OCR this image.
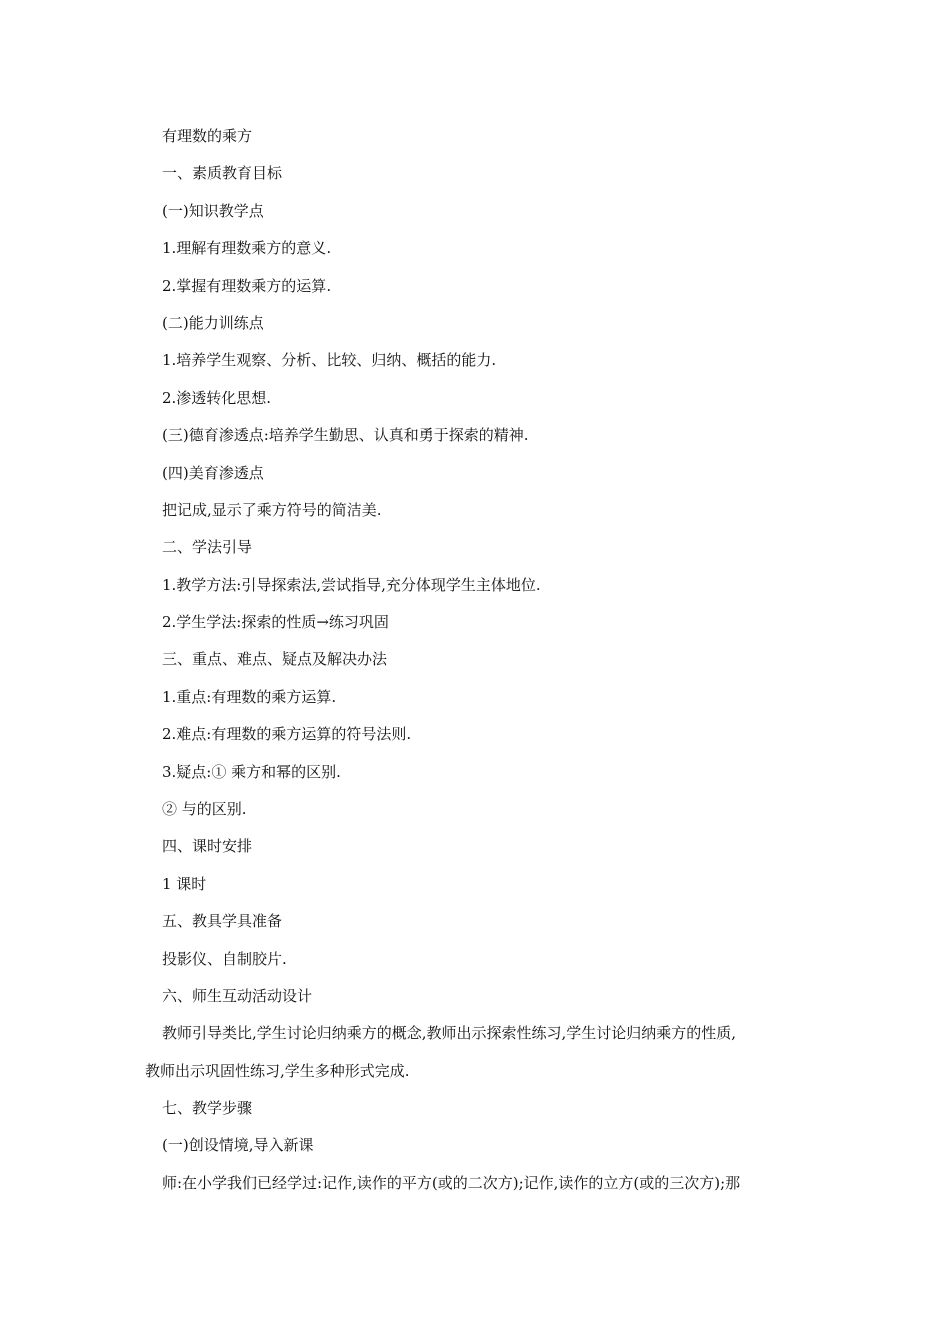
有理数的乘方
一、素质教育目标
(一)知识教学点
1.理解有理数乘方的意义.
2.掌握有理数乘方的运算.
(二)能力训练点
1.培养学生观察、分析、比较、归纳、概括的能力.
2.渗透转化思想.
(三)德育渗透点:培养学生勤思、认真和勇于探索的精神.
(四)美育渗透点
把记成,显示了乘方符号的简洁美.
二、学法引导
1.教学方法:引导探索法,尝试指导,充分体现学生主体地位.
2.学生学法:探索的性质→练习巩固
三、重点、难点、疑点及解决办法
1.重点:有理数的乘方运算.
2.难点:有理数的乘方运算的符号法则.
3.疑点:① 乘方和幂的区别.
② 与的区别.
四、课时安排
1 课时
五、教具学具准备
投影仪、自制胶片.
六、师生互动活动设计
教师引导类比,学生讨论归纳乘方的概念,教师出示探索性练习,学生讨论归纳乘方的性质,
教师出示巩固性练习,学生多种形式完成.
七、教学步骤
(一)创设情境,导入新课
师:在小学我们已经学过:记作,读作的平方(或的二次方);记作,读作的立方(或的三次方);那
